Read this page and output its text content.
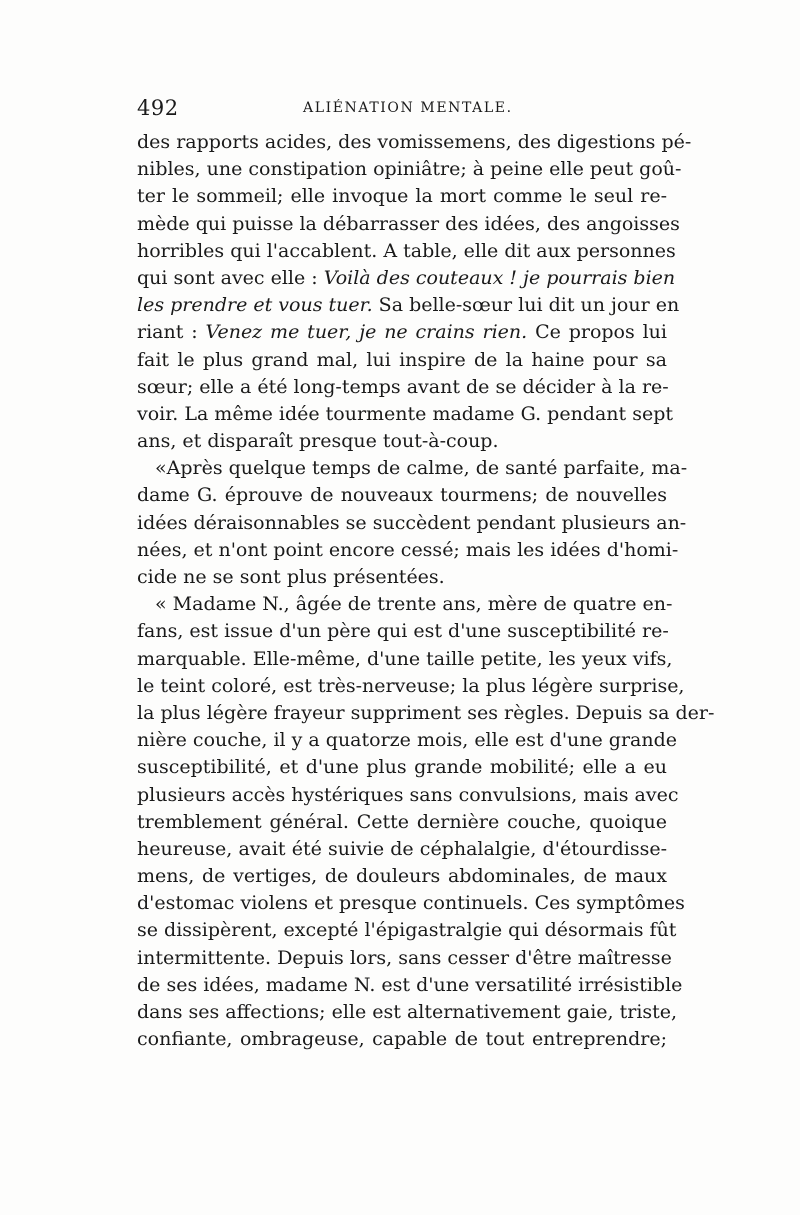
492	ALIÉNATION MENTALE.
des rapports acides, des vomissemens, des digestions pé-
nibles, une constipation opiniâtre; à peine elle peut goû-
ter le sommeil; elle invoque la mort comme le seul re-
mède qui puisse la débarrasser des idées, des angoisses
horribles qui l'accablent. A table, elle dit aux personnes
qui sont avec elle : Voilà des couteaux ! je pourrais bien
les prendre et vous tuer. Sa belle-sœur lui dit un jour en
riant : Venez me tuer, je ne crains rien. Ce propos lui
fait le plus grand mal, lui inspire de la haine pour sa
sœur; elle a été long-temps avant de se décider à la re-
voir. La même idée tourmente madame G. pendant sept
ans, et disparaît presque tout-à-coup.
«Après quelque temps de calme, de santé parfaite, ma-
dame G. éprouve de nouveaux tourmens; de nouvelles
idées déraisonnables se succèdent pendant plusieurs an-
nées, et n'ont point encore cessé; mais les idées d'homi-
cide ne se sont plus présentées.
« Madame N., âgée de trente ans, mère de quatre en-
fans, est issue d'un père qui est d'une susceptibilité re-
marquable. Elle-même, d'une taille petite, les yeux vifs,
le teint coloré, est très-nerveuse; la plus légère surprise,
la plus légère frayeur suppriment ses règles. Depuis sa der-
nière couche, il y a quatorze mois, elle est d'une grande
susceptibilité, et d'une plus grande mobilité; elle a eu
plusieurs accès hystériques sans convulsions, mais avec
tremblement général. Cette dernière couche, quoique
heureuse, avait été suivie de céphalalgie, d'étourdisse-
mens, de vertiges, de douleurs abdominales, de maux
d'estomac violens et presque continuels. Ces symptômes
se dissipèrent, excepté l'épigastralgie qui désormais fût
intermittente. Depuis lors, sans cesser d'être maîtresse
de ses idées, madame N. est d'une versatilité irrésistible
dans ses affections; elle est alternativement gaie, triste,
confiante, ombrageuse, capable de tout entreprendre;
